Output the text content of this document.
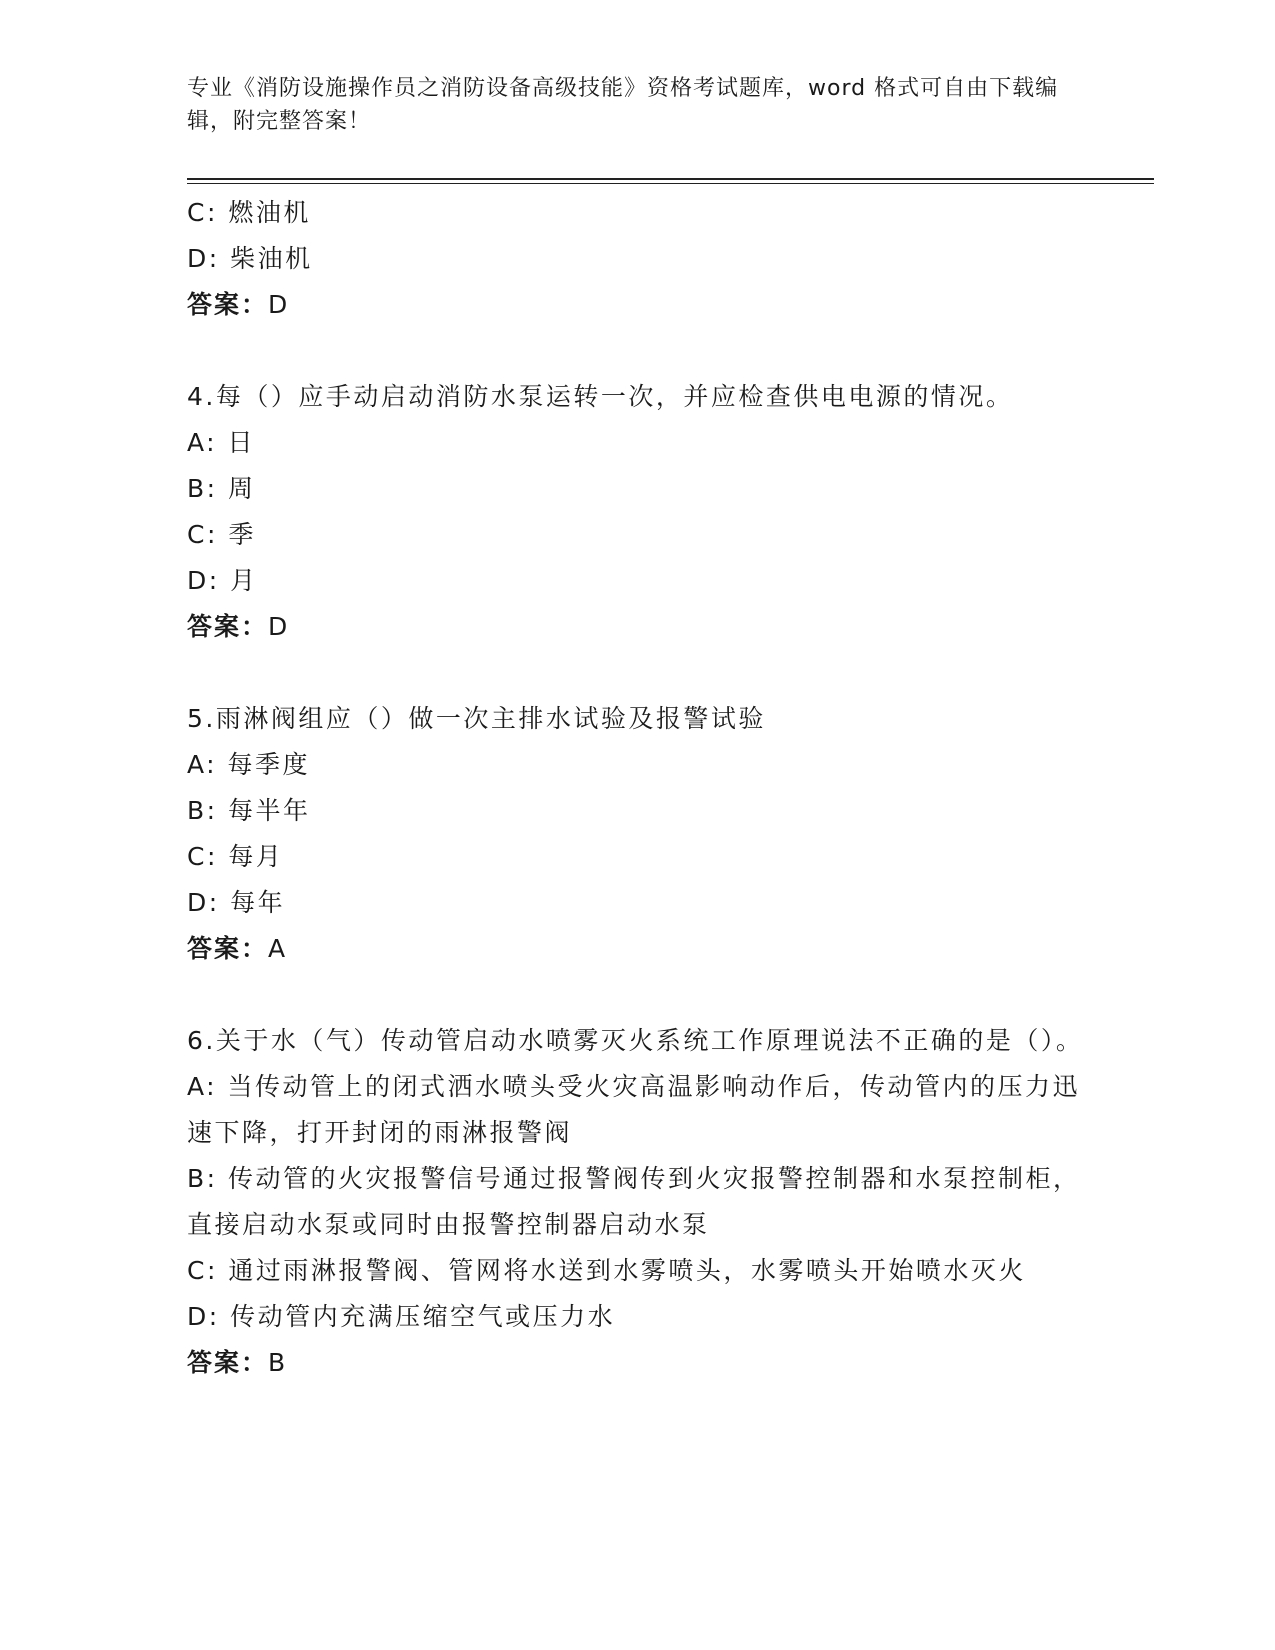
专业《消防设施操作员之消防设备高级技能》资格考试题库，word 格式可自由下载编辑，附完整答案！
C: 燃油机
D: 柴油机
答案：D
4.每（）应手动启动消防水泵运转一次，并应检查供电电源的情况。
A: 日
B: 周
C: 季
D: 月
答案：D
5.雨淋阀组应（）做一次主排水试验及报警试验
A: 每季度
B: 每半年
C: 每月
D: 每年
答案：A
6.关于水（气）传动管启动水喷雾灭火系统工作原理说法不正确的是（）。
A: 当传动管上的闭式洒水喷头受火灾高温影响动作后，传动管内的压力迅速下降，打开封闭的雨淋报警阀
B: 传动管的火灾报警信号通过报警阀传到火灾报警控制器和水泵控制柜，直接启动水泵或同时由报警控制器启动水泵
C: 通过雨淋报警阀、管网将水送到水雾喷头，水雾喷头开始喷水灭火
D: 传动管内充满压缩空气或压力水
答案：B
